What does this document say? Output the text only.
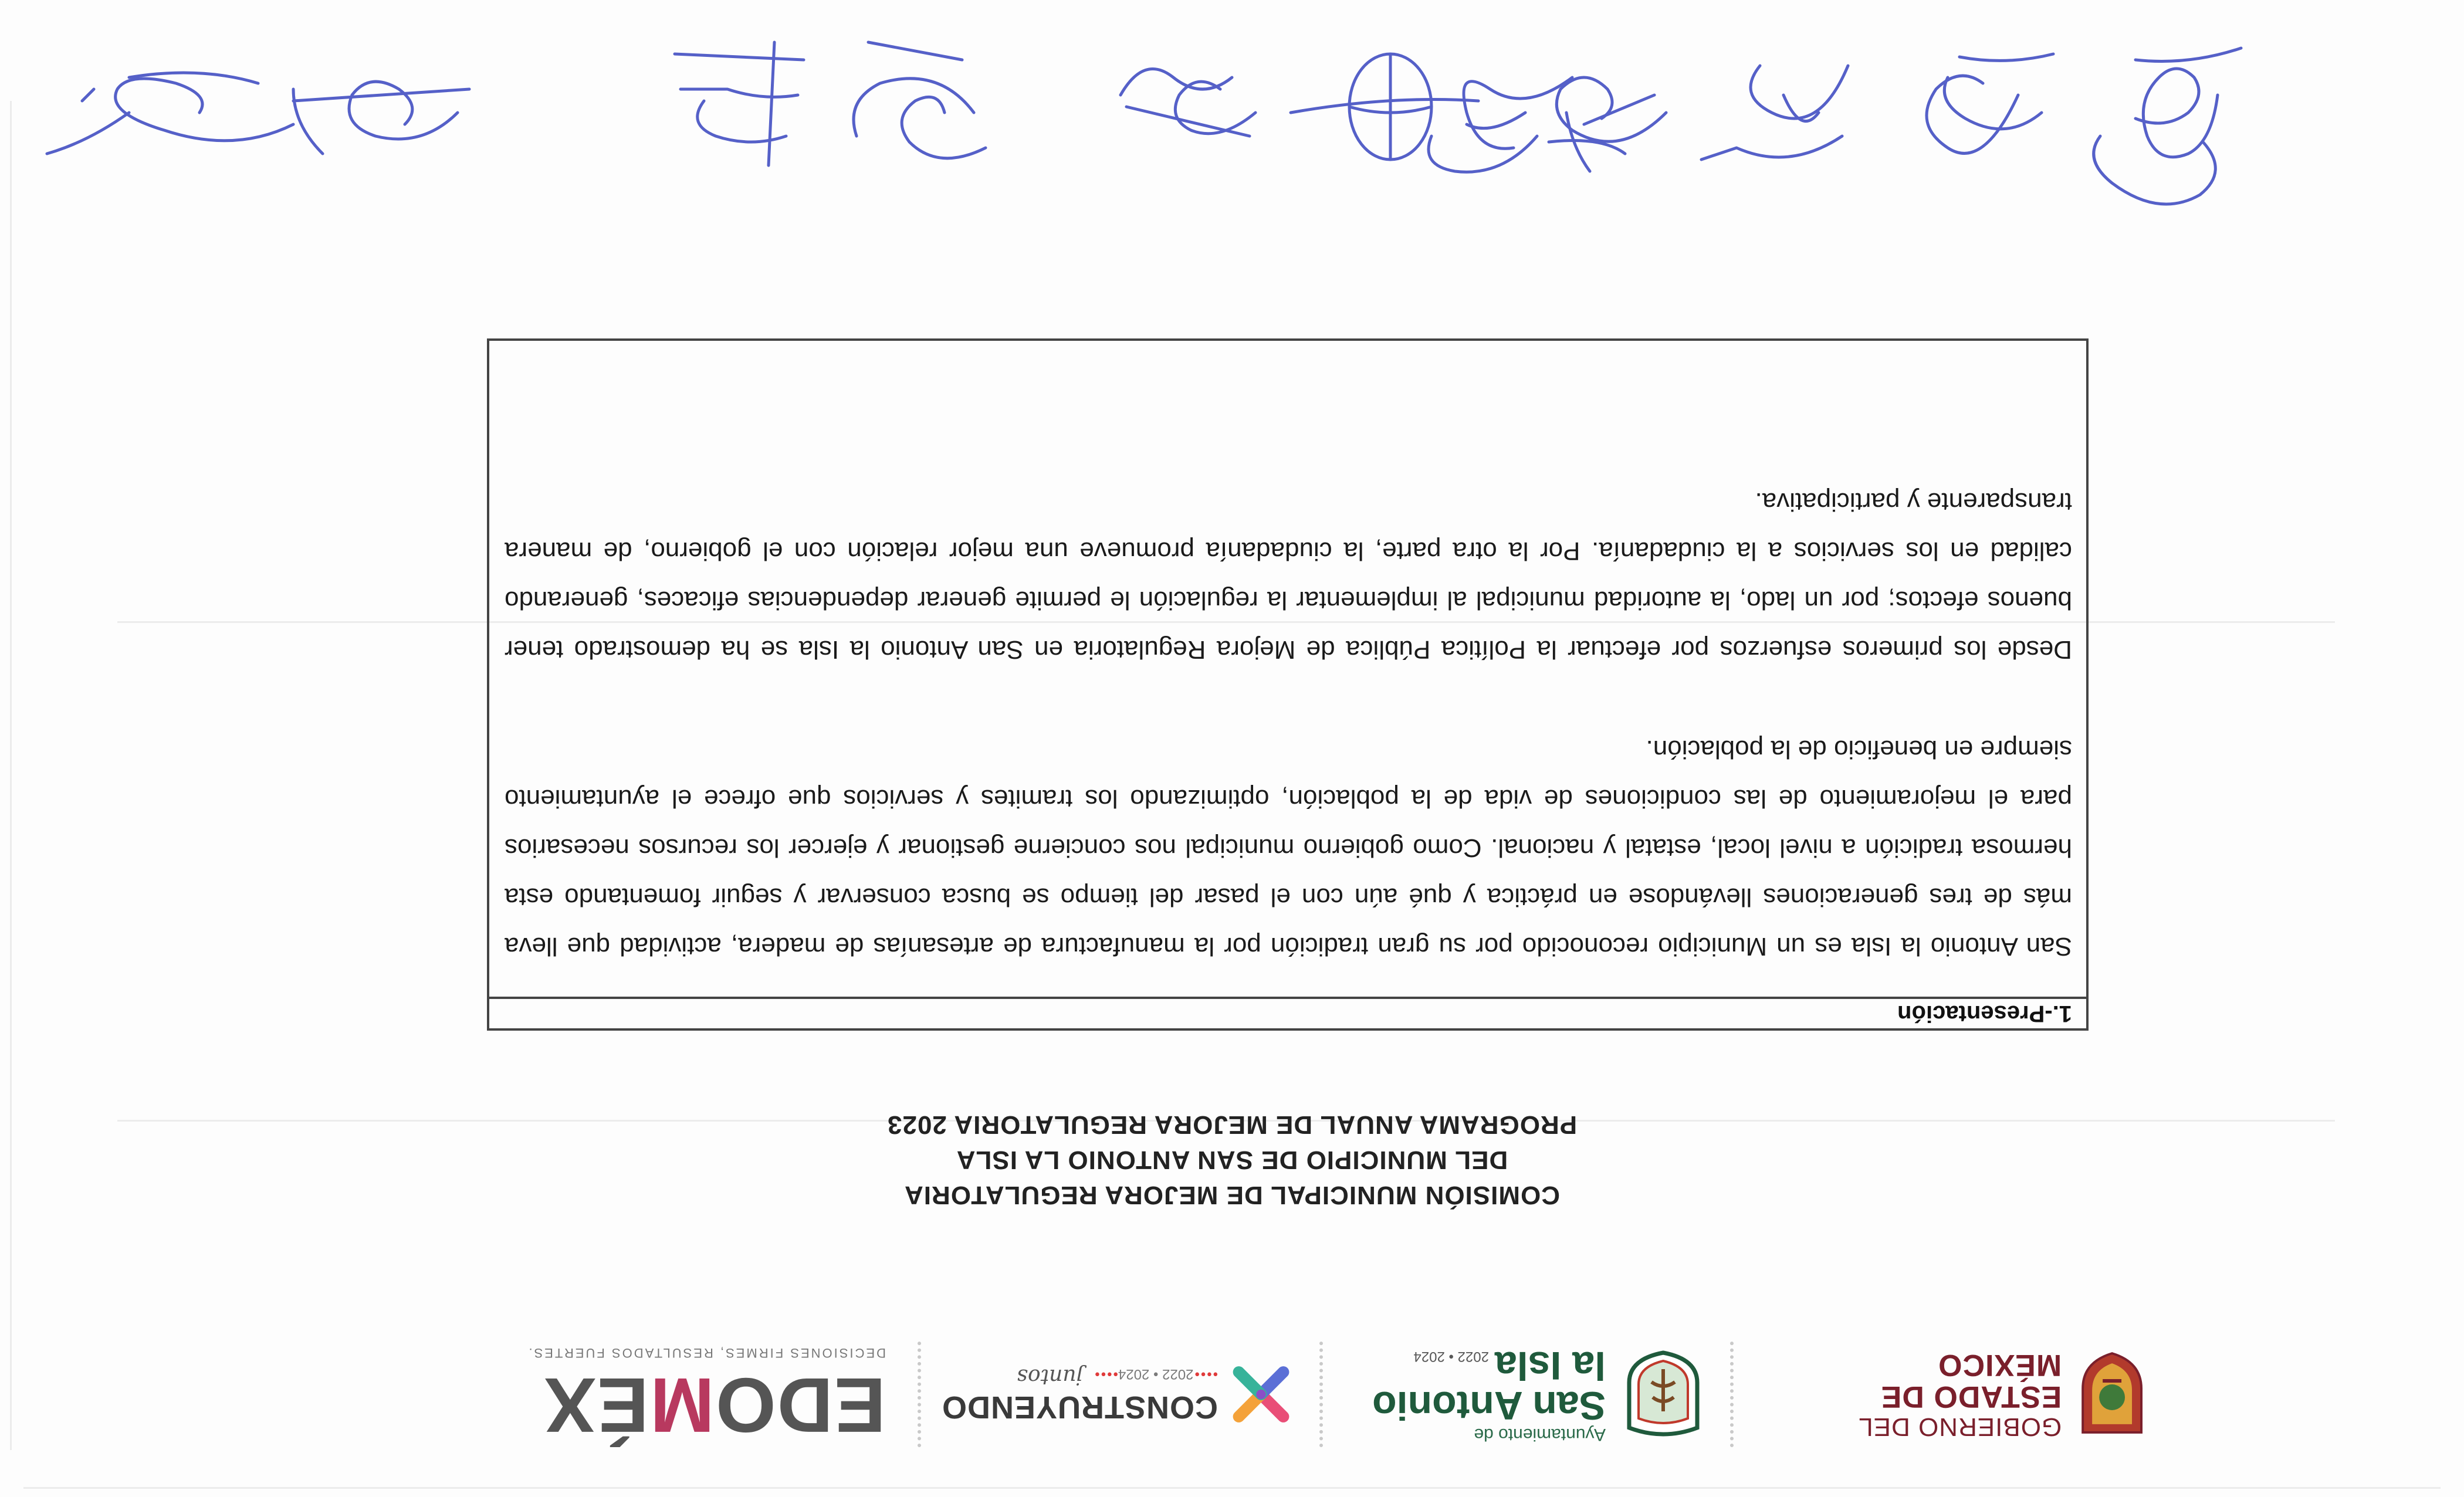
GOBIERNO DEL
ESTADO DE MÉXICO
Ayuntamiento de
San Antonio
la Isla2022 • 2024
CONSTRUYENDO
••••2022 • 2024•••• juntos
EDOMÉX
DECISIONES FIRMES, RESULTADOS FUERTES.
COMISIÓN MUNICIPAL DE MEJORA REGULATORIA
DEL MUNICIPIO DE SAN ANTONIO LA ISLA
PROGRAMA ANUAL DE MEJORA REGULATORIA 2023
1.-Presentación

San Antonio la Isla es un Municipio reconocido por su gran tradición por la manufactura de artesanías de madera, actividad que lleva más de tres generaciones llevándose en práctica y qué aún con el pasar del tiempo se busca conservar y seguir fomentando esta hermosa tradición a nivel local, estatal y nacional. Como gobierno municipal nos concierne gestionar y ejercer los recursos necesarios para el mejoramiento de las condiciones de vida de la población, optimizando los tramites y servicios que ofrece el ayuntamiento siempre en beneficio de la población.

Desde los primeros esfuerzos por efectuar la Política Pública de Mejora Regulatoria en San Antonio la Isla se ha demostrado tener buenos efectos; por un lado, la autoridad municipal al implementar la regulación le permite generar dependencias eficaces, generando calidad en los servicios a la ciudadanía. Por la otra parte, la ciudadanía promueve una mejor relación con el gobierno, de manera transparente y participativa.
